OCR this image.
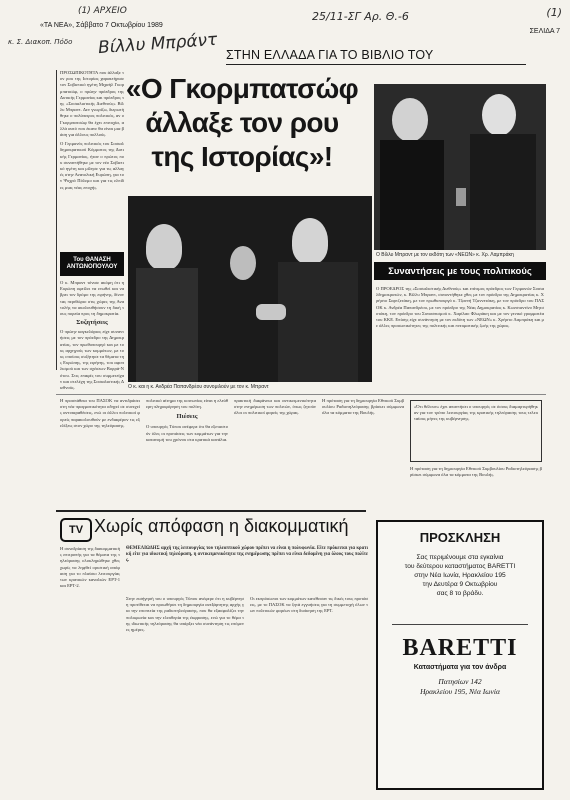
(1) ΑΡΧΕΙΟ	25/11-ΣΓ Αρ. Θ.-6	(1)
Βίλλυ Μπράντ
κ. Σ. Διακοπ. Πόδο
«ΤΑ ΝΕΑ», Σάββατο 7 Οκτωβρίου 1989
ΣΕΛΙΔΑ 7
ΣΤΗΝ ΕΛΛΑΔΑ ΓΙΑ ΤΟ ΒΙΒΛΙΟ ΤΟΥ
«Ο Γκορμπατσώφ
άλλαξε τον ρου
της Ιστορίας»!
ΠΡΟΣΩΠΙΚΟΤΗΤΑ που άλλαξε τον ρου της Ιστορίας χαρακτήρισε τον Σοβιετικό ηγέτη Μιχαήλ Γκορμπατσώφ, ο πρώην πρόεδρος της Δυτικής Γερμανίας και πρόεδρος της «Σοσιαλιστικής Διεθνούς» Βίλλυ Μπραντ. Δεν γνωρίζω, διερωτήθηκε ο πολύπειρος πολιτικός, αν ο Γκορμπατσώφ θα έχει επιτυχία, αλλά αυτό που έκανε θα είναι μια βάση για άλλους πολλούς.
Ο Γερμανός πολιτικός του Σοσιαλδημοκρατικού Κόμματος της Δυτικής Γερμανίας, ήταν ο πρώτος που συναντήθηκε με τον νέο Σοβιετικό ηγέτη και μίλησε για τις αλλαγές στην Ανατολική Ευρώπη, για τον Ψυχρό Πόλεμο και για τις ελπίδες μιας νέας εποχής.
Του ΘΑΝΑΣΗ ΑΝΤΩΝΟΠΟΥΛΟΥ
Ο κ. Μπραντ τόνισε ακόμη ότι η Ευρώπη οφείλει να ενωθεί και να βρει τον δρόμο της ειρήνης, δίνοντας περιθώριο στις χώρες της Ανατολής να ακολουθήσουν τη δική τους πορεία προς τη δημοκρατία.
Συζητήσεις
Ο πρώην καγκελάριος είχε συναντήσεις με τον πρόεδρο της Δημοκρατίας, τον πρωθυπουργό και με τους αρχηγούς των κομμάτων, με τους οποίους συζήτησε τα θέματα της Ευρώπης, της ειρήνης, του αφοπλισμού και των σχέσεων Βορρά-Νότου. Στις επαφές του συμμετείχαν και στελέχη της Σοσιαλιστικής Διεθνούς.	Ο κ. και η κ. Ανδρέα Παπανδρέου συνομιλούν με τον κ. Μπραντ
Ο Βίλλυ Μπραντ με τον εκδότη των «ΝΕΩΝ» κ. Χρ. Λαμπράκη
Συναντήσεις με τους πολιτικούς
Ο ΠΡΟΕΔΡΟΣ της «Σοσιαλιστικής Διεθνούς» και επίτιμος πρόεδρος των Γερμανών Σοσιαλδημοκρατών, κ. Βίλλυ Μπραντ, συναντήθηκε χθες με τον πρόεδρο της Δημοκρατίας κ. Χρήστο Σαρτζετάκη, με τον πρωθυπουργό κ. Τζαννή Τζαννετάκη, με τον πρόεδρο του ΠΑΣΟΚ κ. Ανδρέα Παπανδρέου, με τον πρόεδρο της Νέας Δημοκρατίας κ. Κωνσταντίνο Μητσοτάκη, τον πρόεδρο του Συνασπισμού κ. Χαρίλαο Φλωράκη και με τον γενικό γραμματέα του ΚΚΕ. Επίσης είχε συνάντηση με τον εκδότη των «ΝΕΩΝ» κ. Χρήστο Λαμπράκη και με άλλες προσωπικότητες της πολιτικής και πνευματικής ζωής της χώρας.
Η προσπάθεια του ΠΑΣΟΚ να αντιδράσει στη νέα πραγματικότητα οδηγεί σε συνεχείς αντιπαραθέσεις, ενώ οι άλλοι πολιτικοί φορείς παρακολουθούν με ενδιαφέρον τις εξελίξεις στον χώρο της τηλεόρασης.
πολιτικό αίτημα της κοινωνίας είναι η ελεύθερη πληροφόρηση του πολίτη.
Πιέσεις
Ο υπουργός Τύπου ανέφερε ότι θα εξεταστούν όλες οι προτάσεις των κομμάτων για την κατανομή του χρόνου στα κρατικά κανάλια.
πρακτική διαφάνεια και αντικειμενικότητα στην ενημέρωση των πολιτών, όπως ζητούν όλοι οι πολιτικοί φορείς της χώρας.
Η πρόταση για τη δημιουργία Εθνικού Συμβουλίου Ραδιοτηλεόρασης βρίσκει σύμφωνα όλα τα κόμματα της Βουλής.
«Ότι θέλουν» έχει απαντήσει ο υπουργός σε όσους διαμαρτυρήθηκαν για τον τρόπο λειτουργίας της κρατικής τηλεόρασης τους τελευταίους μήνες της κυβέρνησης.
Η πρόταση για τη δημιουργία Εθνικού Συμβουλίου Ραδιοτηλεόρασης βρίσκει σύμφωνα όλα τα κόμματα της Βουλής.
TV Χωρίς απόφαση η διακομματική
ΘΕΜΕΛΙΩΔΗΣ αρχή της λειτουργίας του τηλεοπτικού χώρου πρέπει να είναι η πολυφωνία. Είτε πρόκειται για κρατική είτε για ιδιωτική τηλεόραση, η αντικειμενικότητα της ενημέρωσης πρέπει να είναι δεδομένη για όλους τους πολίτες.
Η συνεδρίαση της διακομματικής επιτροπής για τα θέματα της τηλεόρασης ολοκληρώθηκε χθες χωρίς να ληφθεί οριστική απόφαση για το πλαίσιο λειτουργίας των κρατικών καναλιών ΕΡΤ-1 και ΕΡΤ-2.
Στην εισήγησή του ο υπουργός Τύπου ανέφερε ότι η κυβέρνηση προτίθεται να προωθήσει τη δημιουργία ανεξάρτητης αρχής για την εποπτεία της ραδιοτηλεόρασης, που θα εξασφαλίζει την πολυφωνία και την ελευθερία της έκφρασης, ενώ για το θέμα της ιδιωτικής τηλεόρασης θα υπάρξει νέα συνάντηση τις επόμενες ημέρες.
Οι εκπρόσωποι των κομμάτων κατέθεσαν τις δικές τους προτάσεις, με το ΠΑΣΟΚ να ζητά εγγυήσεις για τη συμμετοχή όλων των πολιτικών φορέων στη διοίκηση της ΕΡΤ.
ΠΡΟΣΚΛΗΣΗ
Σας περιμένουμε στα εγκαίνια
του δεύτερου καταστήματος BARETTI
στην Νέα Ιωνία, Ηρακλείου 195
την Δευτέρα 9 Οκτωβρίου
σας 8 το βράδυ.
BARETTI
Καταστήματα για τον άνδρα
Πατησίων 142
Ηρακλείου 195, Νέα Ιωνία
